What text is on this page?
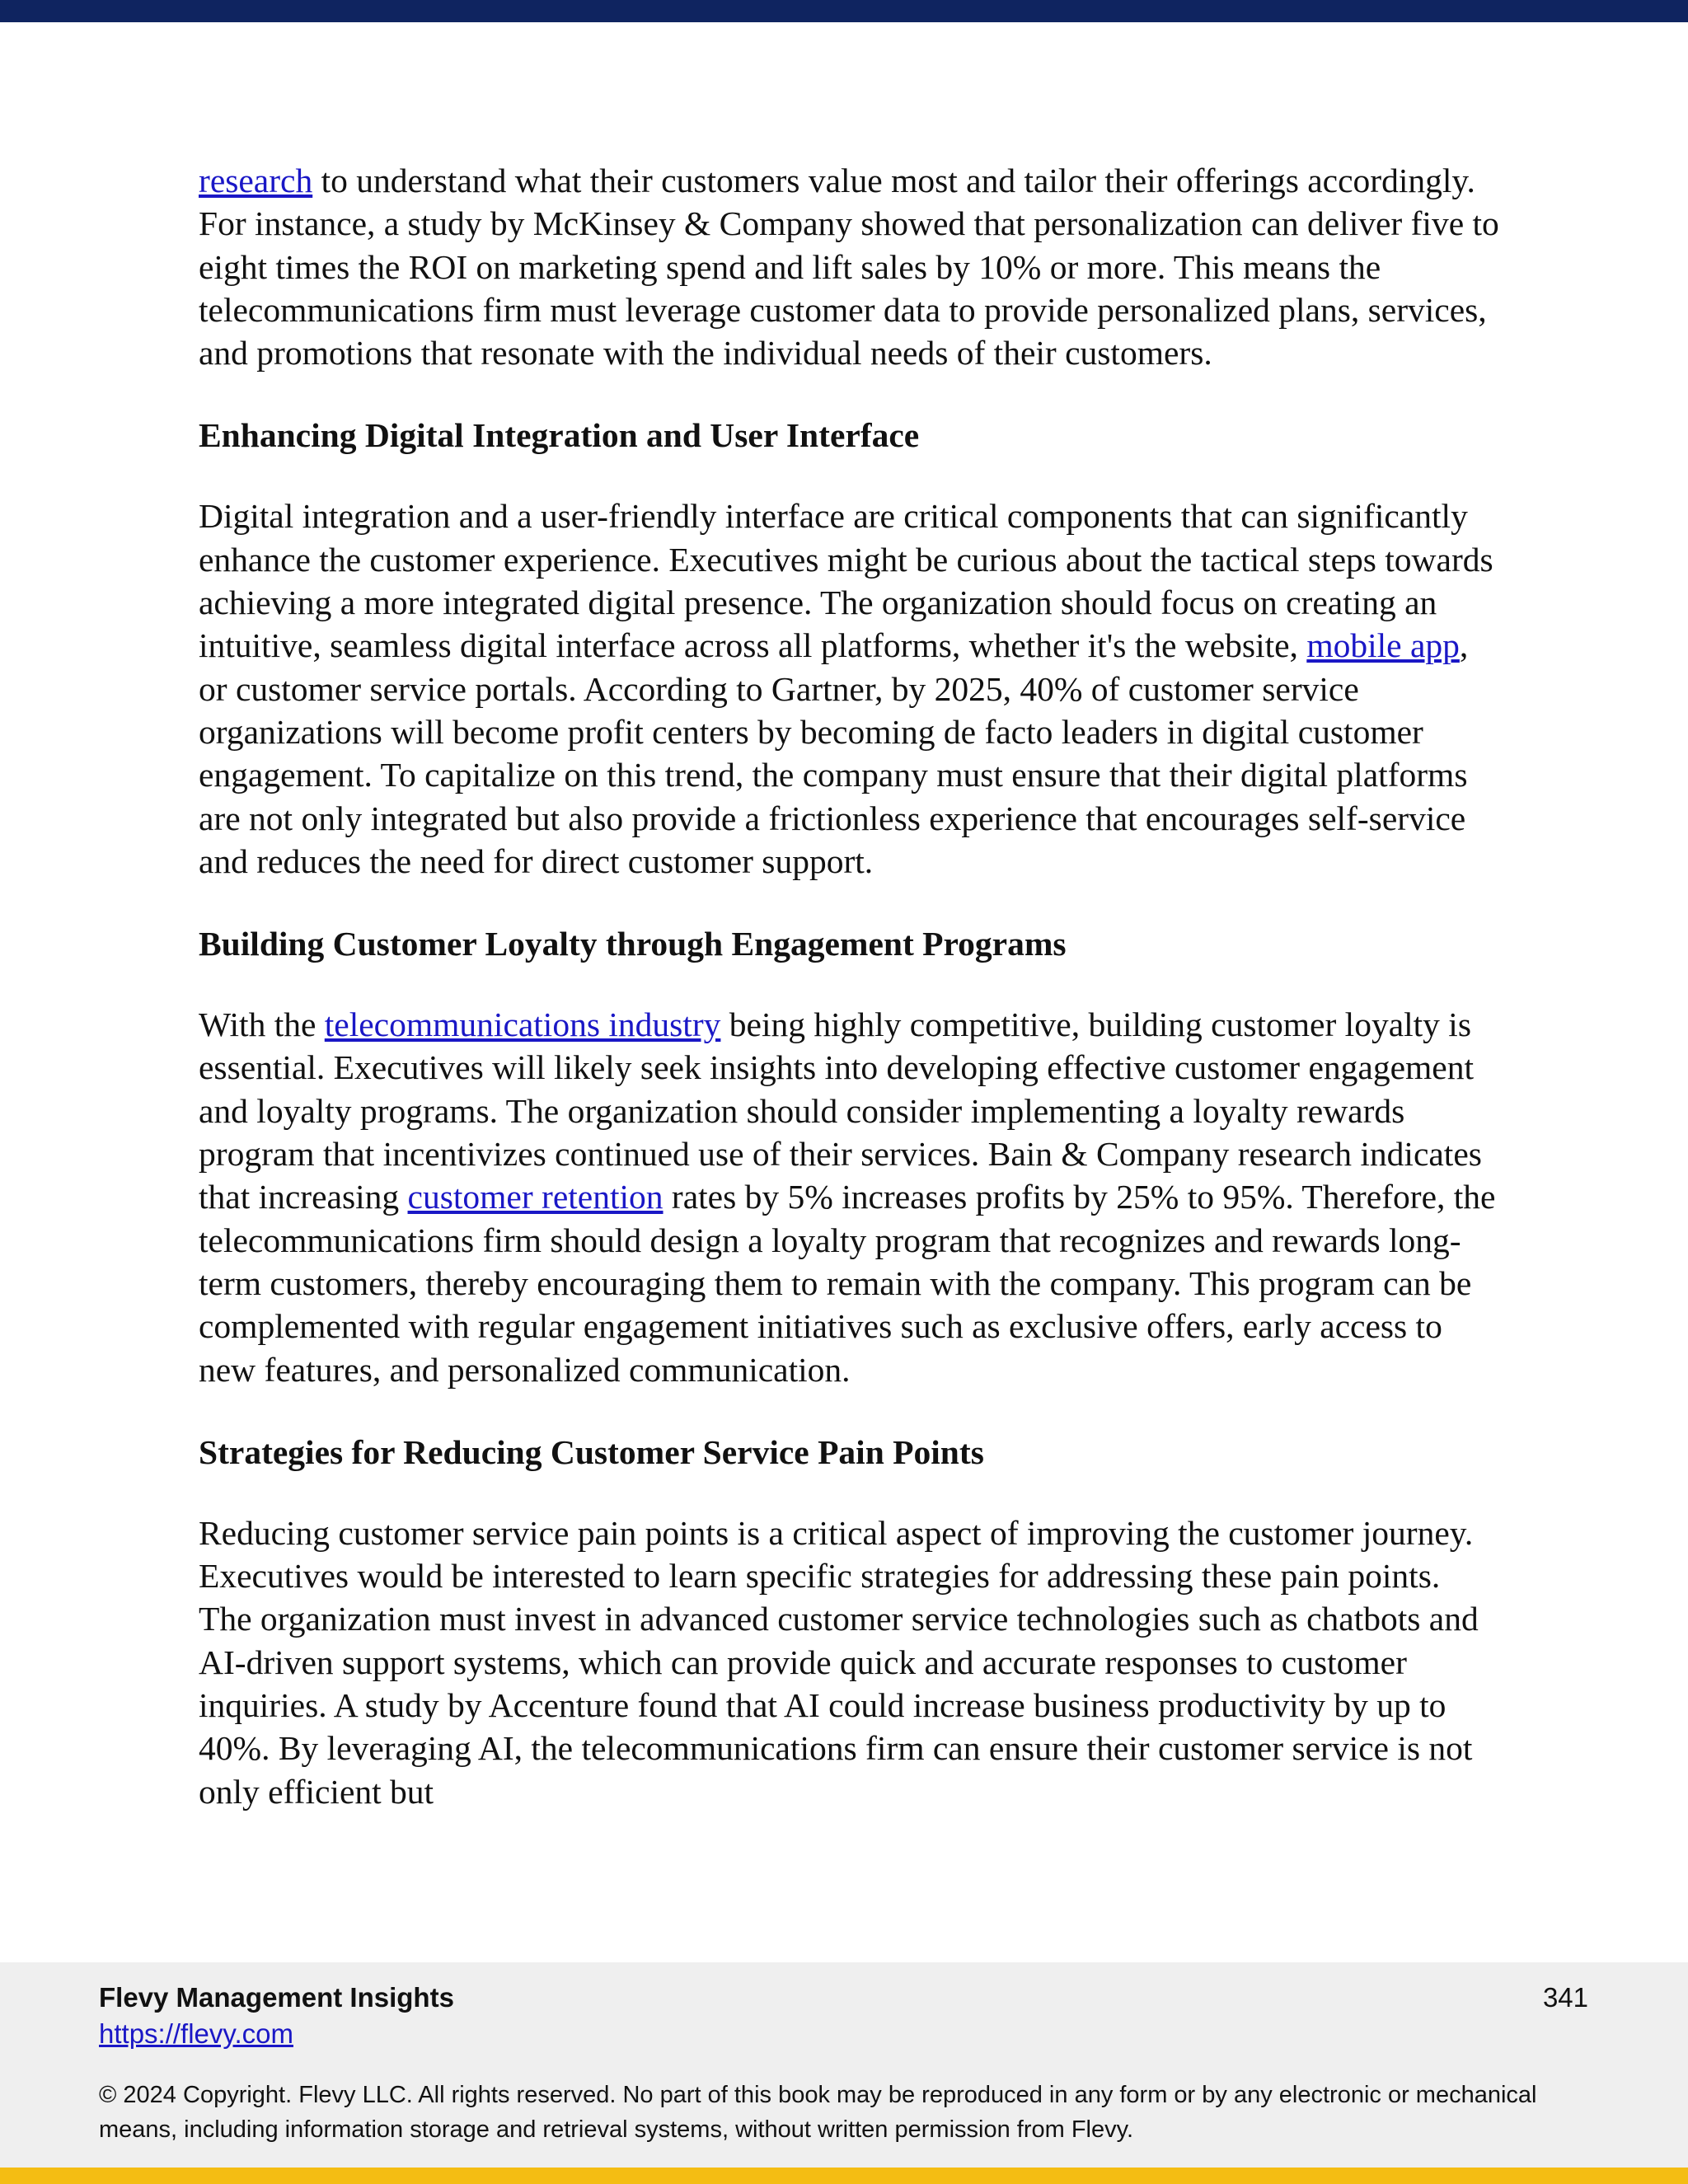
research to understand what their customers value most and tailor their offerings accordingly. For instance, a study by McKinsey & Company showed that personalization can deliver five to eight times the ROI on marketing spend and lift sales by 10% or more. This means the telecommunications firm must leverage customer data to provide personalized plans, services, and promotions that resonate with the individual needs of their customers.

Enhancing Digital Integration and User Interface

Digital integration and a user-friendly interface are critical components that can significantly enhance the customer experience. Executives might be curious about the tactical steps towards achieving a more integrated digital presence. The organization should focus on creating an intuitive, seamless digital interface across all platforms, whether it's the website, mobile app, or customer service portals. According to Gartner, by 2025, 40% of customer service organizations will become profit centers by becoming de facto leaders in digital customer engagement. To capitalize on this trend, the company must ensure that their digital platforms are not only integrated but also provide a frictionless experience that encourages self-service and reduces the need for direct customer support.

Building Customer Loyalty through Engagement Programs

With the telecommunications industry being highly competitive, building customer loyalty is essential. Executives will likely seek insights into developing effective customer engagement and loyalty programs. The organization should consider implementing a loyalty rewards program that incentivizes continued use of their services. Bain & Company research indicates that increasing customer retention rates by 5% increases profits by 25% to 95%. Therefore, the telecommunications firm should design a loyalty program that recognizes and rewards long-term customers, thereby encouraging them to remain with the company. This program can be complemented with regular engagement initiatives such as exclusive offers, early access to new features, and personalized communication.

Strategies for Reducing Customer Service Pain Points

Reducing customer service pain points is a critical aspect of improving the customer journey. Executives would be interested to learn specific strategies for addressing these pain points. The organization must invest in advanced customer service technologies such as chatbots and AI-driven support systems, which can provide quick and accurate responses to customer inquiries. A study by Accenture found that AI could increase business productivity by up to 40%. By leveraging AI, the telecommunications firm can ensure their customer service is not only efficient but

Flevy Management Insights
https://flevy.com
341
© 2024 Copyright. Flevy LLC. All rights reserved. No part of this book may be reproduced in any form or by any electronic or mechanical means, including information storage and retrieval systems, without written permission from Flevy.
